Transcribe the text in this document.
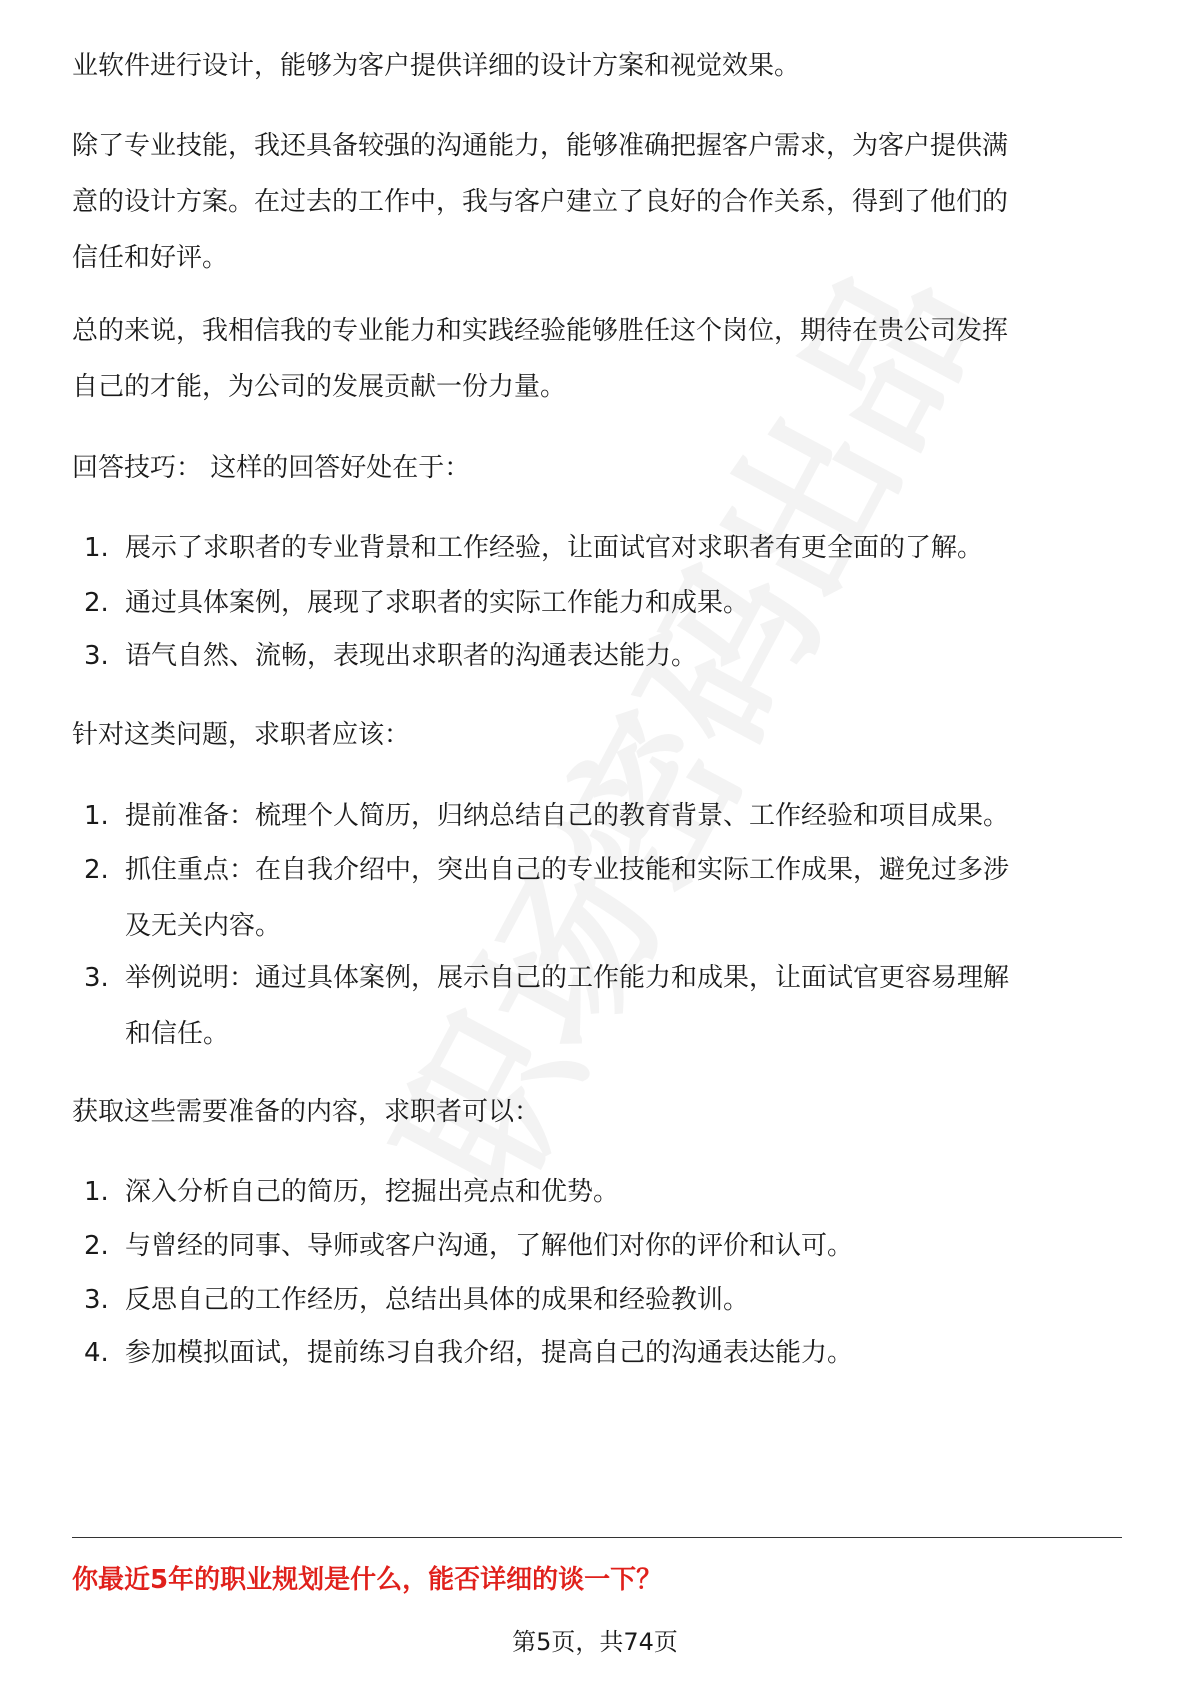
业软件进行设计，能够为客户提供详细的设计方案和视觉效果。

除了专业技能，我还具备较强的沟通能力，能够准确把握客户需求，为客户提供满
意的设计方案。在过去的工作中，我与客户建立了良好的合作关系，得到了他们的
信任和好评。

总的来说，我相信我的专业能力和实践经验能够胜任这个岗位，期待在贵公司发挥
自己的才能，为公司的发展贡献一份力量。

回答技巧： 这样的回答好处在于：

1. 展示了求职者的专业背景和工作经验，让面试官对求职者有更全面的了解。
2. 通过具体案例，展现了求职者的实际工作能力和成果。
3. 语气自然、流畅，表现出求职者的沟通表达能力。

针对这类问题，求职者应该：

1. 提前准备：梳理个人简历，归纳总结自己的教育背景、工作经验和项目成果。
2. 抓住重点：在自我介绍中，突出自己的专业技能和实际工作成果，避免过多涉
及无关内容。
3. 举例说明：通过具体案例，展示自己的工作能力和成果，让面试官更容易理解
和信任。

获取这些需要准备的内容，求职者可以：

1. 深入分析自己的简历，挖掘出亮点和优势。
2. 与曾经的同事、导师或客户沟通，了解他们对你的评价和认可。
3. 反思自己的工作经历，总结出具体的成果和经验教训。
4. 参加模拟面试，提前练习自我介绍，提高自己的沟通表达能力。

你最近5年的职业规划是什么，能否详细的谈一下？

第5页，共74页
